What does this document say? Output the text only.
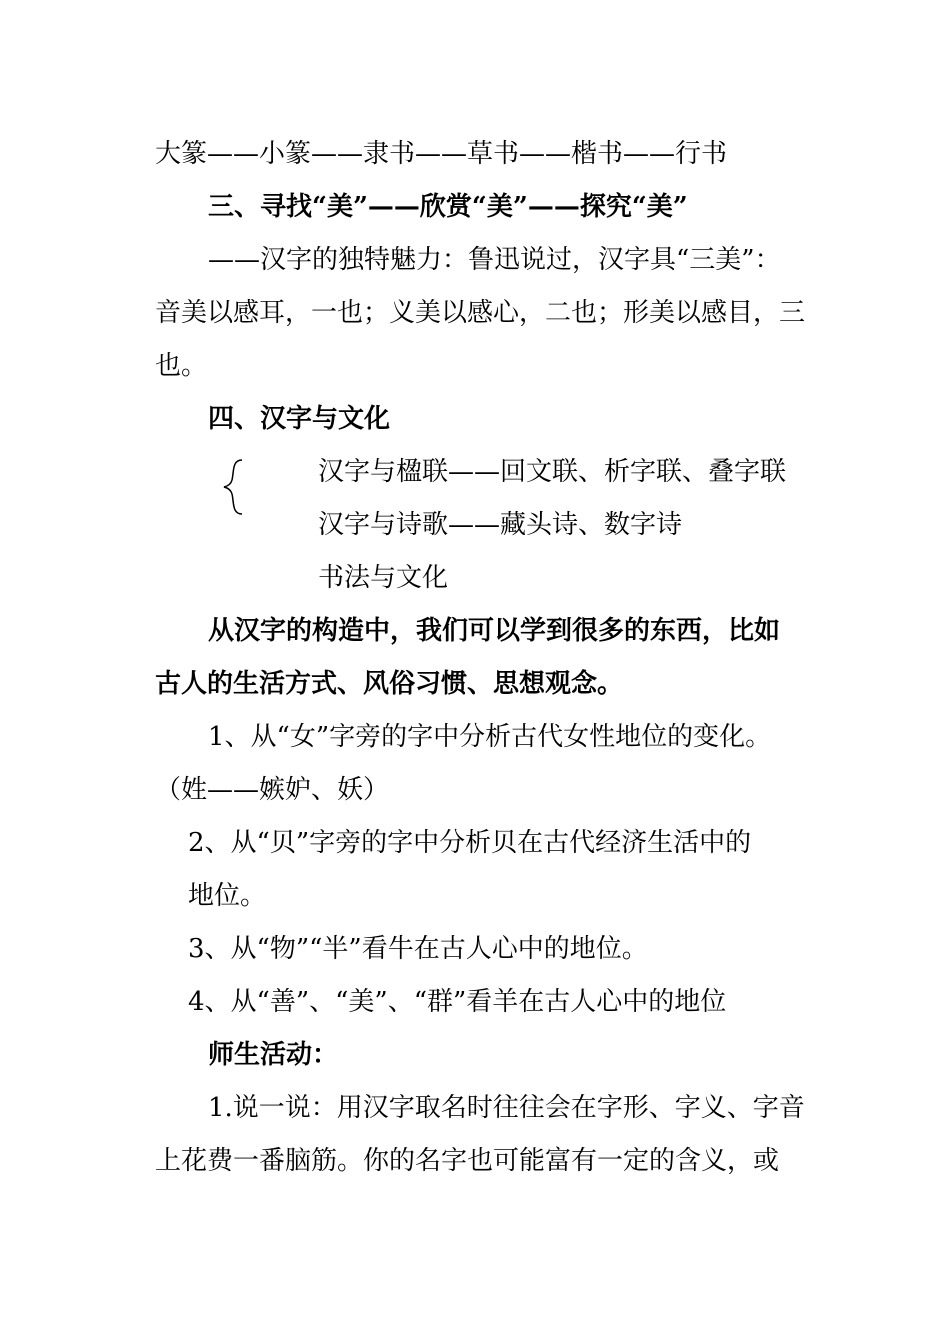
大篆——小篆——隶书——草书——楷书——行书
三、寻找“美”——欣赏“美”——探究“美”
——汉字的独特魅力：鲁迅说过，汉字具“三美”：
音美以感耳，一也；义美以感心，二也；形美以感目，三
也。
四、汉字与文化
汉字与楹联——回文联、析字联、叠字联
汉字与诗歌——藏头诗、数字诗
书法与文化
从汉字的构造中，我们可以学到很多的东西，比如
古人的生活方式、风俗习惯、思想观念。
1、从“女”字旁的字中分析古代女性地位的变化。
（姓——嫉妒、妖）
2、从“贝”字旁的字中分析贝在古代经济生活中的
地位。
3、从“物”“半”看牛在古人心中的地位。
4、从“善”、“美”、“群”看羊在古人心中的地位
师生活动：
1.说一说：用汉字取名时往往会在字形、字义、字音
上花费一番脑筋。你的名字也可能富有一定的含义，或
